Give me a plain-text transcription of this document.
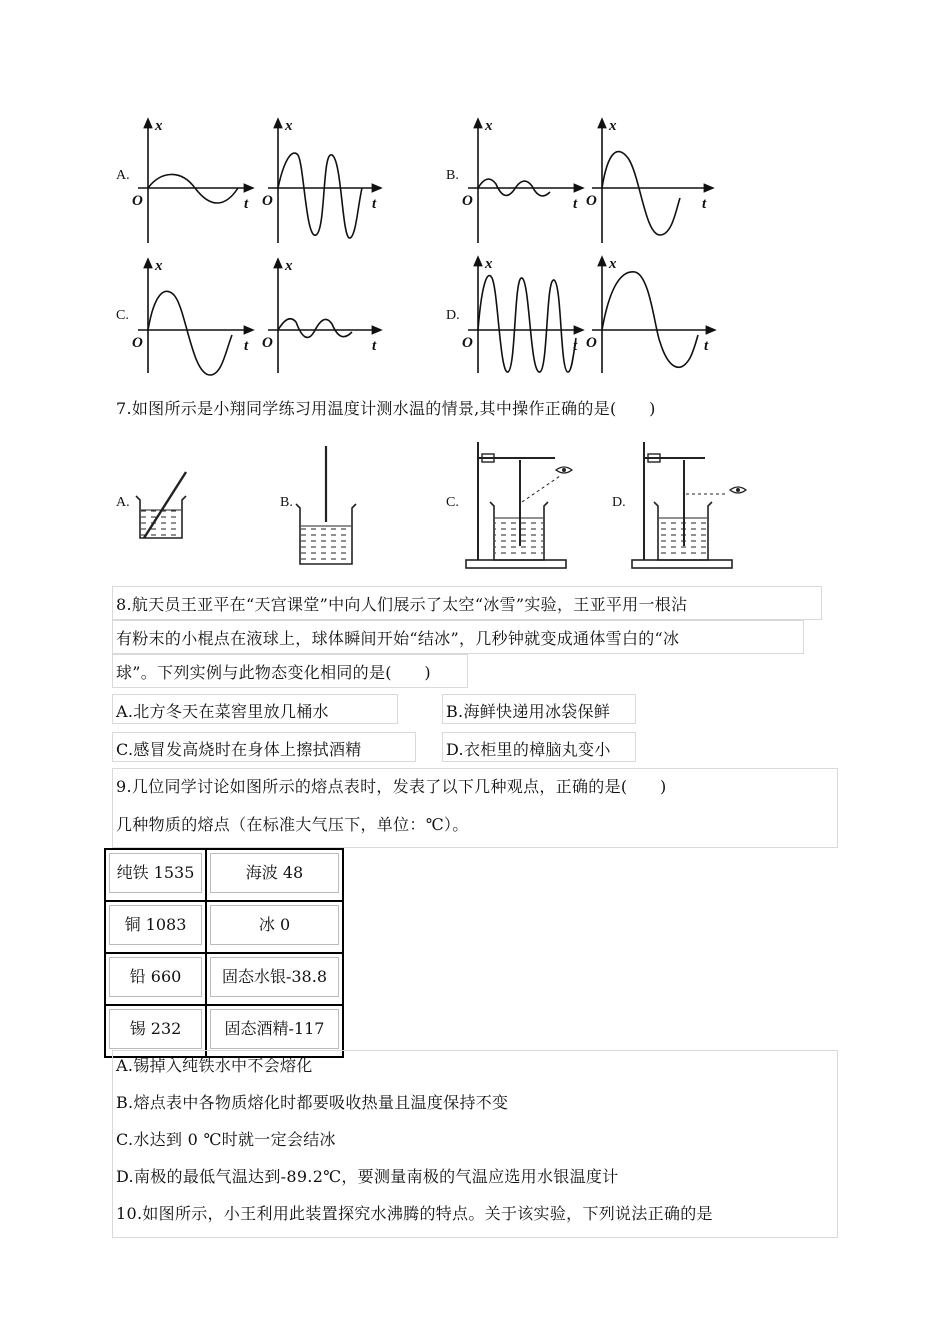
A.	B.
C.	D.
x
O	t
x
O	t
x
O	t
x
O	t
x
O	t
x
O	t
x
O	t
x
O	t
7.如图所示是小翔同学练习用温度计测水温的情景,其中操作正确的是(　　)
A.	B.	C.	D.
8.航天员王亚平在“天宫课堂”中向人们展示了太空“冰雪”实验，王亚平用一根沾
有粉末的小棍点在液球上，球体瞬间开始“结冰”，几秒钟就变成通体雪白的“冰
球”。下列实例与此物态变化相同的是(　　)
A.北方冬天在菜窖里放几桶水	B.海鲜快递用冰袋保鲜
C.感冒发高烧时在身体上擦拭酒精	D.衣柜里的樟脑丸变小
9.几位同学讨论如图所示的熔点表时，发表了以下几种观点，正确的是(　　)
几种物质的熔点（在标准大气压下，单位：℃）。
纯铁 1535	海波 48

铜 1083	冰 0

铅 660	固态水银-38.8

锡 232	固态酒精-117
A.锡掉入纯铁水中不会熔化
B.熔点表中各物质熔化时都要吸收热量且温度保持不变
C.水达到 0 ℃时就一定会结冰
D.南极的最低气温达到-89.2℃，要测量南极的气温应选用水银温度计
10.如图所示，小王利用此装置探究水沸腾的特点。关于该实验，下列说法正确的是
